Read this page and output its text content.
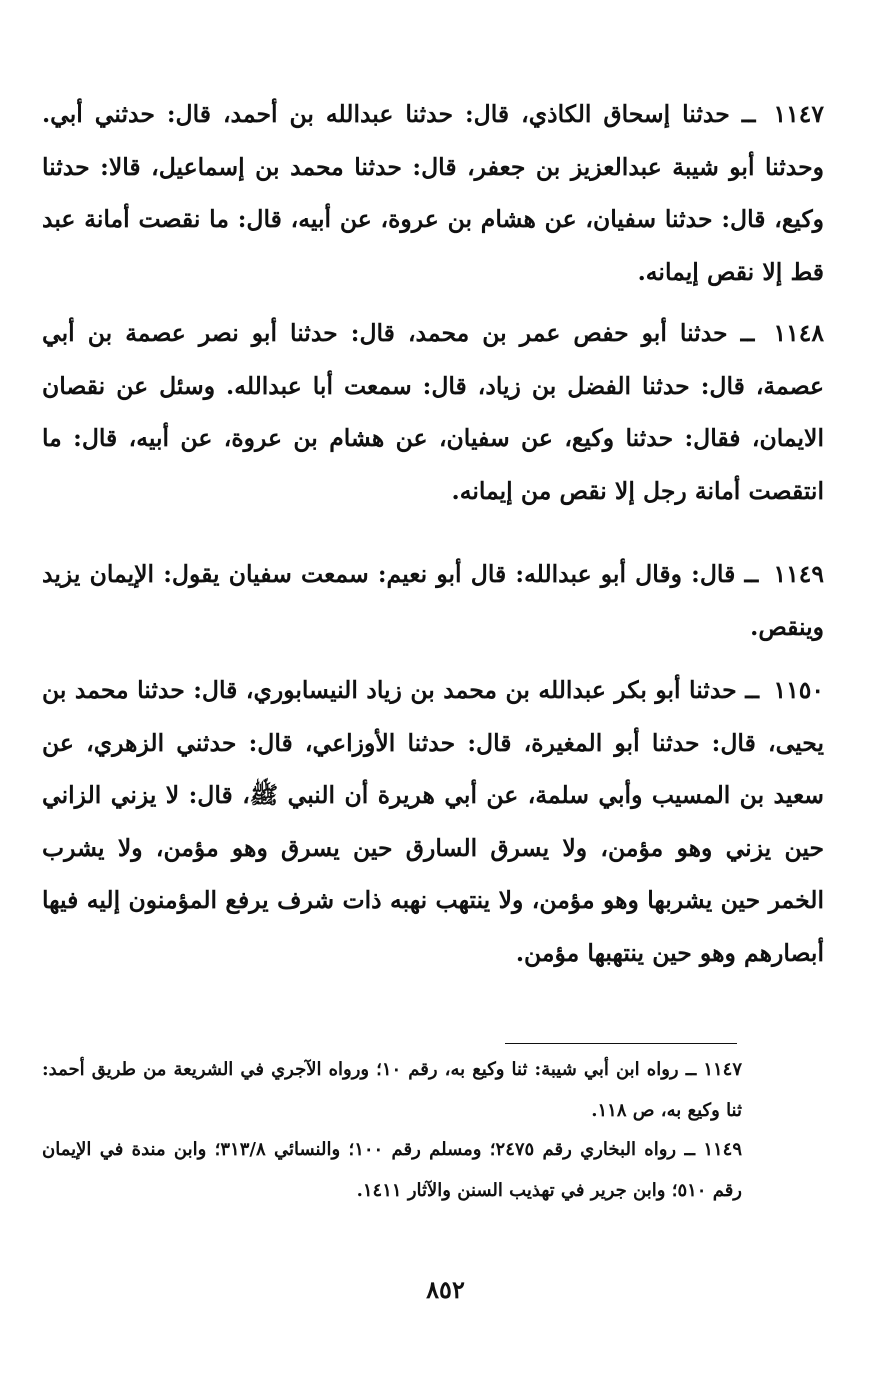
١١٤٧ ــ حدثنا إسحاق الكاذي، قال: حدثنا عبدالله بن أحمد، قال: حدثني أبي. وحدثنا أبو شيبة عبدالعزيز بن جعفر، قال: حدثنا محمد بن إسماعيل، قالا: حدثنا وكيع، قال: حدثنا سفيان، عن هشام بن عروة، عن أبيه، قال: ما نقصت أمانة عبد قط إلا نقص إيمانه.

١١٤٨ ــ حدثنا أبو حفص عمر بن محمد، قال: حدثنا أبو نصر عصمة بن أبي عصمة، قال: حدثنا الفضل بن زياد، قال: سمعت أبا عبدالله. وسئل عن نقصان الايمان، فقال: حدثنا وكيع، عن سفيان، عن هشام بن عروة، عن أبيه، قال: ما انتقصت أمانة رجل إلا نقص من إيمانه.

١١٤٩ ــ قال: وقال أبو عبدالله: قال أبو نعيم: سمعت سفيان يقول: الإيمان يزيد وينقص.

١١٥٠ ــ حدثنا أبو بكر عبدالله بن محمد بن زياد النيسابوري، قال: حدثنا محمد بن يحيى، قال: حدثنا أبو المغيرة، قال: حدثنا الأوزاعي، قال: حدثني الزهري، عن سعيد بن المسيب وأبي سلمة، عن أبي هريرة أن النبي ﷺ، قال: لا يزني الزاني حين يزني وهو مؤمن، ولا يسرق السارق حين يسرق وهو مؤمن، ولا يشرب الخمر حين يشربها وهو مؤمن، ولا ينتهب نهبه ذات شرف يرفع المؤمنون إليه فيها أبصارهم وهو حين ينتهبها مؤمن.

١١٤٧ ــ رواه ابن أبي شيبة: ثنا وكيع به، رقم ١٠؛ ورواه الآجري في الشريعة من طريق أحمد: ثنا وكيع به، ص ١١٨.

١١٤٩ ــ رواه البخاري رقم ٢٤٧٥؛ ومسلم رقم ١٠٠؛ والنسائي ٣١٣/٨؛ وابن مندة في الإيمان رقم ٥١٠؛ وابن جرير في تهذيب السنن والآثار ١٤١١.

٨٥٢
